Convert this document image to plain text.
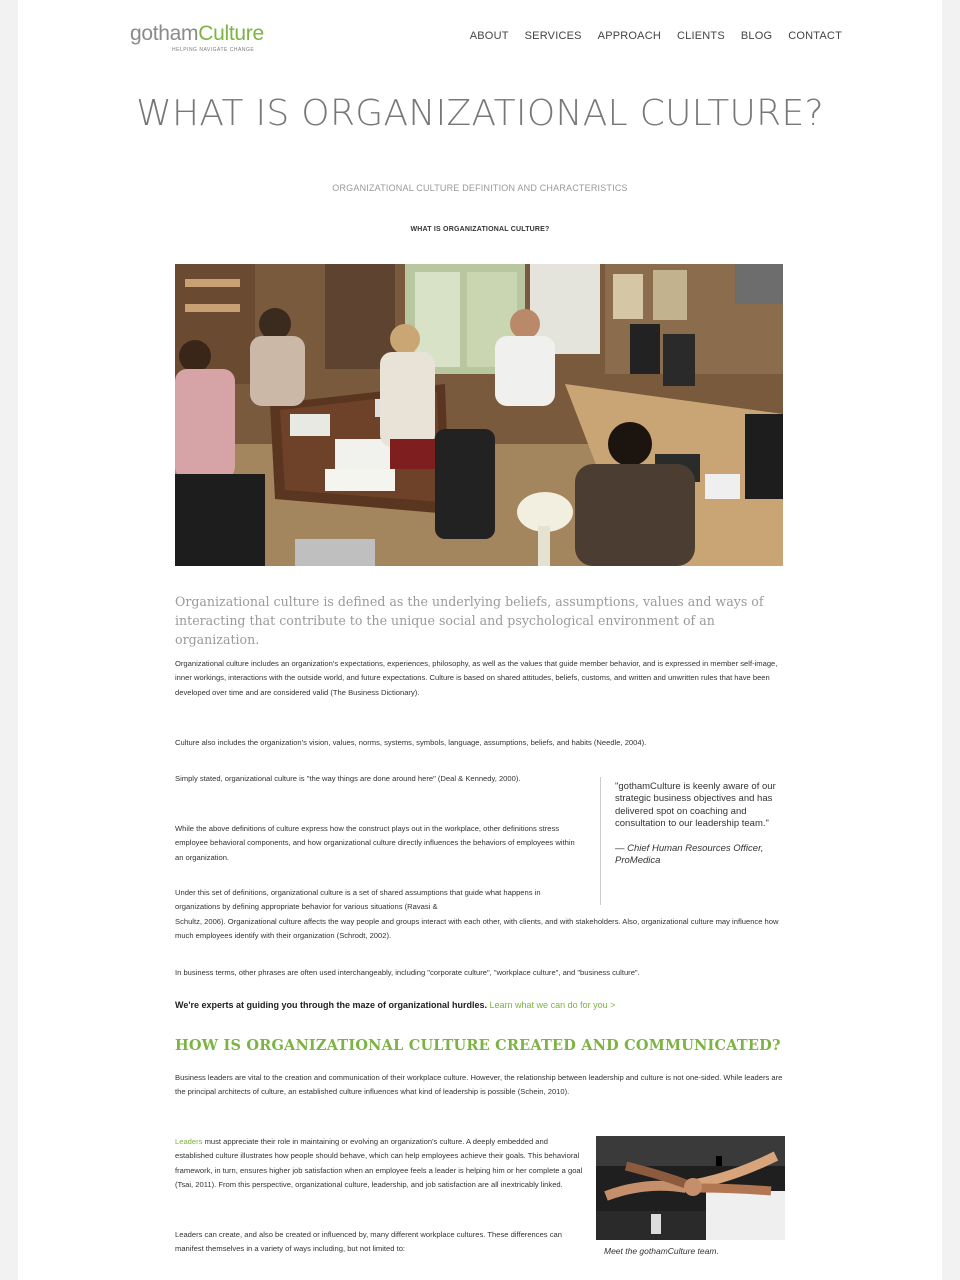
gothamCulture
HELPING NAVIGATE CHANGE
ABOUT SERVICES APPROACH CLIENTS BLOG CONTACT
WHAT IS ORGANIZATIONAL CULTURE?
ORGANIZATIONAL CULTURE DEFINITION AND CHARACTERISTICS
WHAT IS ORGANIZATIONAL CULTURE?

Organizational culture is defined as the underlying beliefs, assumptions, values and ways of interacting that contribute to the unique social and psychological environment of an organization.

Organizational culture includes an organization's expectations, experiences, philosophy, as well as the values that guide member behavior, and is expressed in member self-image, inner workings, interactions with the outside world, and future expectations. Culture is based on shared attitudes, beliefs, customs, and written and unwritten rules that have been developed over time and are considered valid (The Business Dictionary).

Culture also includes the organization's vision, values, norms, systems, symbols, language, assumptions, beliefs, and habits (Needle, 2004).

Simply stated, organizational culture is "the way things are done around here" (Deal & Kennedy, 2000).

While the above definitions of culture express how the construct plays out in the workplace, other definitions stress employee behavioral components, and how organizational culture directly influences the behaviors of employees within an organization.

Under this set of definitions, organizational culture is a set of shared assumptions that guide what happens in organizations by defining appropriate behavior for various situations (Ravasi &

Schultz, 2006). Organizational culture affects the way people and groups interact with each other, with clients, and with stakeholders. Also, organizational culture may influence how much employees identify with their organization (Schrodt, 2002).

In business terms, other phrases are often used interchangeably, including "corporate culture", "workplace culture", and "business culture".

"gothamCulture is keenly aware of our strategic business objectives and has delivered spot on coaching and consultation to our leadership team."
— Chief Human Resources Officer, ProMedica
We're experts at guiding you through the maze of organizational hurdles. Learn what we can do for you >
HOW IS ORGANIZATIONAL CULTURE CREATED AND COMMUNICATED?

Business leaders are vital to the creation and communication of their workplace culture. However, the relationship between leadership and culture is not one-sided. While leaders are the principal architects of culture, an established culture influences what kind of leadership is possible (Schein, 2010).

Leaders must appreciate their role in maintaining or evolving an organization's culture. A deeply embedded and established culture illustrates how people should behave, which can help employees achieve their goals. This behavioral framework, in turn, ensures higher job satisfaction when an employee feels a leader is helping him or her complete a goal (Tsai, 2011). From this perspective, organizational culture, leadership, and job satisfaction are all inextricably linked.

Leaders can create, and also be created or influenced by, many different workplace cultures. These differences can manifest themselves in a variety of ways including, but not limited to:	Meet the gothamCulture team.
